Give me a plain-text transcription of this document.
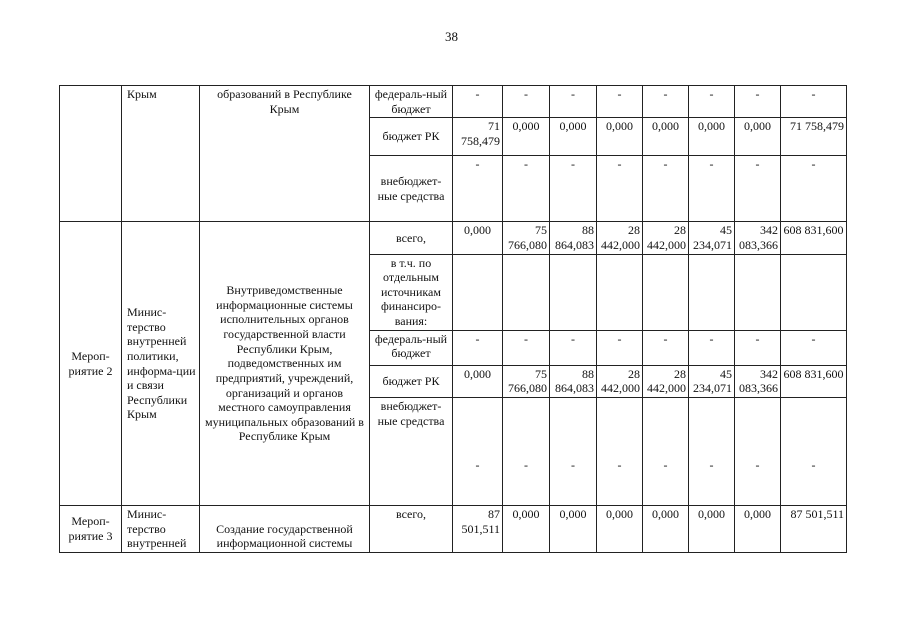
38
	Крым	образований в Республике Крым	федераль-ный бюджет	-	-	-	-	-	-	-	-
			бюджет РК	71 758,479	0,000	0,000	0,000	0,000	0,000	0,000	71 758,479
			внебюджет-ные средства	-	-	-	-	-	-	-	-
Мероп-риятие 2	Минис-терство внутренней политики, информа-ции и связи Республики Крым	Внутриведомственные информационные системы исполнительных органов государственной власти Республики Крым, подведомственных им предприятий, учреждений, организаций и органов местного самоуправления муниципальных образований в Республике Крым	всего,	0,000	75 766,080	88 864,083	28 442,000	28 442,000	45 234,071	342 083,366	608 831,600
			в т.ч. по отдельным источникам финансиро-вания:								
			федераль-ный бюджет	-	-	-	-	-	-	-	-
			бюджет РК	0,000	75 766,080	88 864,083	28 442,000	28 442,000	45 234,071	342 083,366	608 831,600
			внебюджет-ные средства	-	-	-	-	-	-	-	-
Мероп-риятие 3	Минис-терство внутренней	Создание государственной информационной системы	всего,	87 501,511	0,000	0,000	0,000	0,000	0,000	0,000	87 501,511
